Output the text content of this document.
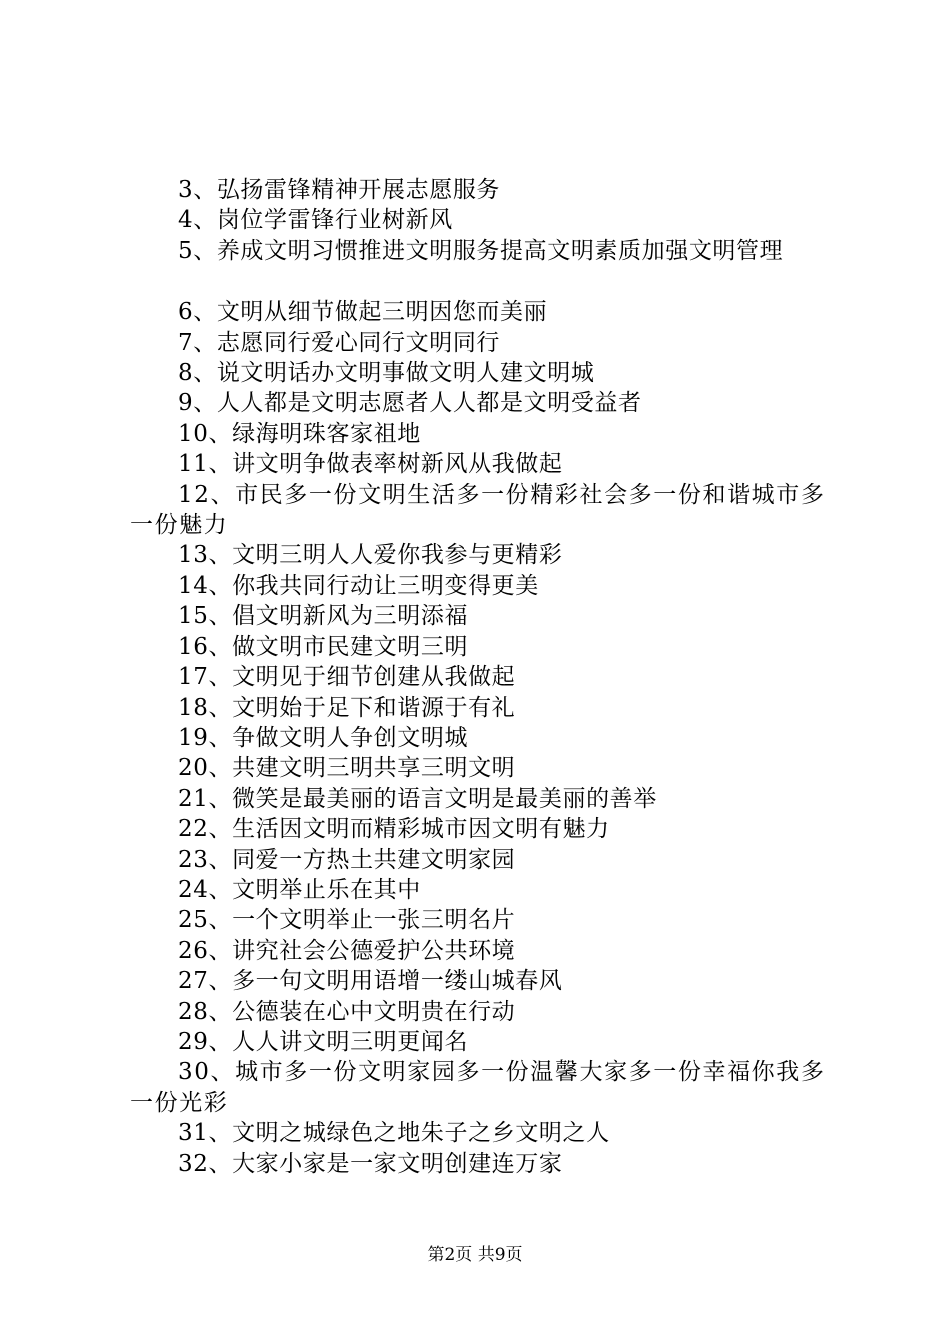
3、弘扬雷锋精神开展志愿服务
4、岗位学雷锋行业树新风
5、养成文明习惯推进文明服务提高文明素质加强文明管理
6、文明从细节做起三明因您而美丽
7、志愿同行爱心同行文明同行
8、说文明话办文明事做文明人建文明城
9、人人都是文明志愿者人人都是文明受益者
10、绿海明珠客家祖地
11、讲文明争做表率树新风从我做起
12、市民多一份文明生活多一份精彩社会多一份和谐城市多一份魅力
13、文明三明人人爱你我参与更精彩
14、你我共同行动让三明变得更美
15、倡文明新风为三明添福
16、做文明市民建文明三明
17、文明见于细节创建从我做起
18、文明始于足下和谐源于有礼
19、争做文明人争创文明城
20、共建文明三明共享三明文明
21、微笑是最美丽的语言文明是最美丽的善举
22、生活因文明而精彩城市因文明有魅力
23、同爱一方热土共建文明家园
24、文明举止乐在其中
25、一个文明举止一张三明名片
26、讲究社会公德爱护公共环境
27、多一句文明用语增一缕山城春风
28、公德装在心中文明贵在行动
29、人人讲文明三明更闻名
30、城市多一份文明家园多一份温馨大家多一份幸福你我多一份光彩
31、文明之城绿色之地朱子之乡文明之人
32、大家小家是一家文明创建连万家
第2页 共9页
